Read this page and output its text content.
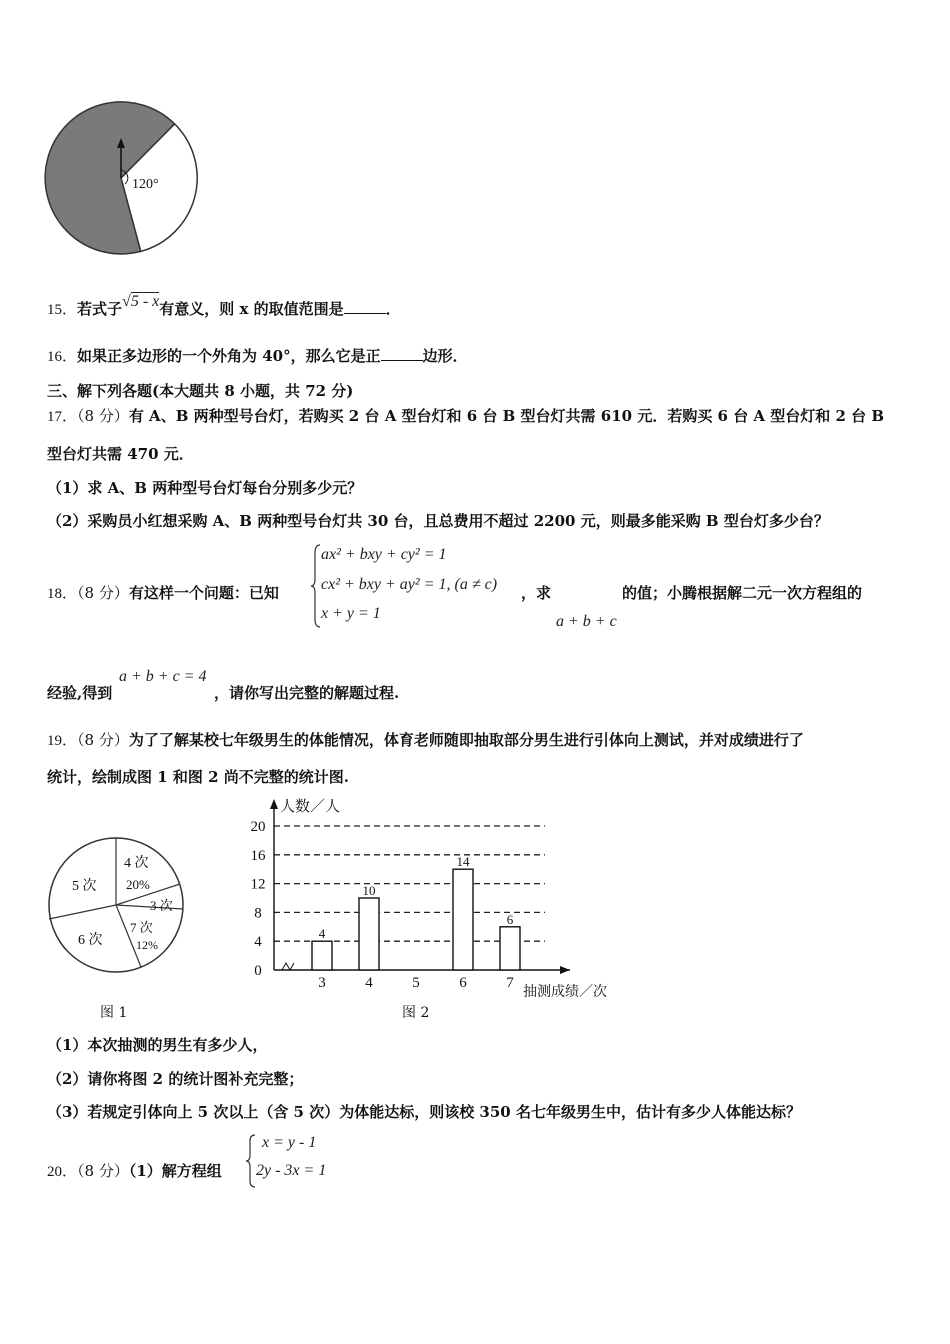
120°
15．若式子√5 - x有意义，则 x 的取值范围是	．
16．如果正多边形的一个外角为 40°，那么它是正	边形．
三、解下列各题(本大题共 8 小题，共 72 分)
17．（8 分）有 A、B 两种型号台灯，若购买 2 台 A 型台灯和 6 台 B 型台灯共需 610 元．若购买 6 台 A 型台灯和 2 台 B
型台灯共需 470 元．
（1）求 A、B 两种型号台灯每台分别多少元？
（2）采购员小红想采购 A、B 两种型号台灯共 30 台，且总费用不超过 2200 元，则最多能采购 B 型台灯多少台？
18．（8 分）有这样一个问题：已知
ax² + bxy + cy² = 1
cx² + bxy + ay² = 1, (a ≠ c)
x + y = 1
，求
a + b + c
的值；小腾根据解二元一次方程组的
经验,得到
a + b + c = 4
，请你写出完整的解题过程.
19．（8 分）为了了解某校七年级男生的体能情况，体育老师随即抽取部分男生进行引体向上测试，并对成绩进行了
统计，绘制成图 1 和图 2 尚不完整的统计图.
4 次
20%
3 次
7 次
12%
6 次
5 次
图 1
0
4
8
12
16
20
人数／人
抽测成绩／次
3
4
4
10
5	6
14
7
6
图 2
（1）本次抽测的男生有多少人，
（2）请你将图 2 的统计图补充完整；
（3）若规定引体向上 5 次以上（含 5 次）为体能达标，则该校 350 名七年级男生中，估计有多少人体能达标？
20．（8 分）（1）解方程组
x = y - 1
2y - 3x = 1
